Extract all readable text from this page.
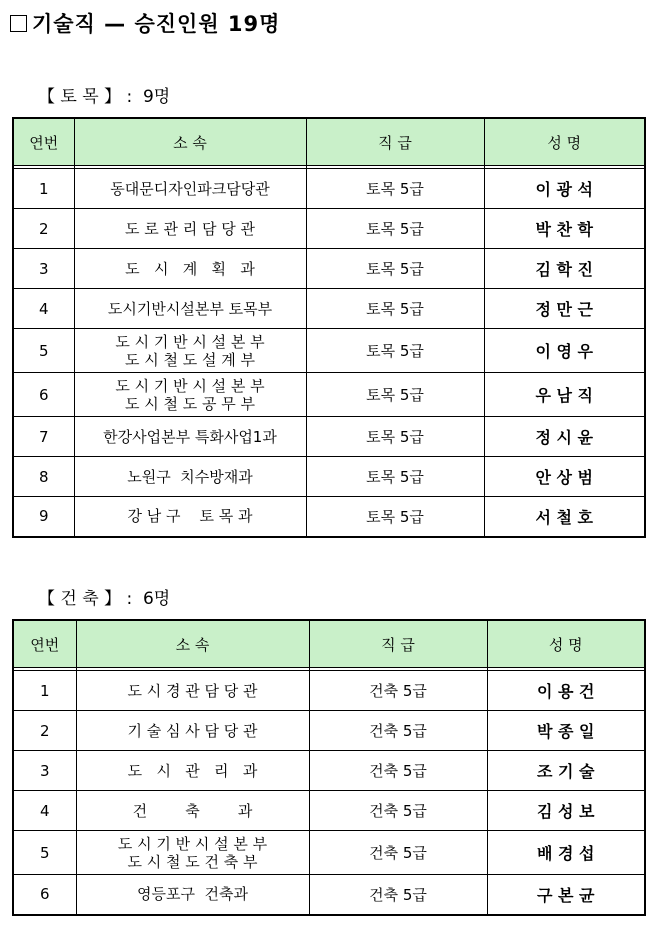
기술직 — 승진인원 19명
【 토 목 】 :  9명
연번	소 속	직 급	성 명

1	동대문디자인파크담당관	토목 5급	이 광 석
2	도 로 관 리 담 당 관	토목 5급	박 찬 학
3	도   시   계   획   과	토목 5급	김 학 진
4	도시기반시설본부 토목부	토목 5급	정 만 근
5	도 시 기 반 시 설 본 부
도 시 철 도 설 계 부	토목 5급	이 영 우
6	도 시 기 반 시 설 본 부
도 시 철 도 공 무 부	토목 5급	우 남 직
7	한강사업본부 특화사업1과	토목 5급	정 시 윤
8	노원구  치수방재과	토목 5급	안 상 범
9	강 남 구    토 목 과	토목 5급	서 철 호
【 건 축 】 :  6명
연번	소 속	직 급	성 명

1	도 시 경 관 담 당 관	건축 5급	이 용 건
2	기 술 심 사 담 당 관	건축 5급	박 종 일
3	도   시   관   리   과	건축 5급	조 기 술
4	건        축        과	건축 5급	김 성 보
5	도 시 기 반 시 설 본 부
도 시 철 도 건 축 부	건축 5급	배 경 섭
6	영등포구  건축과	건축 5급	구 본 균
